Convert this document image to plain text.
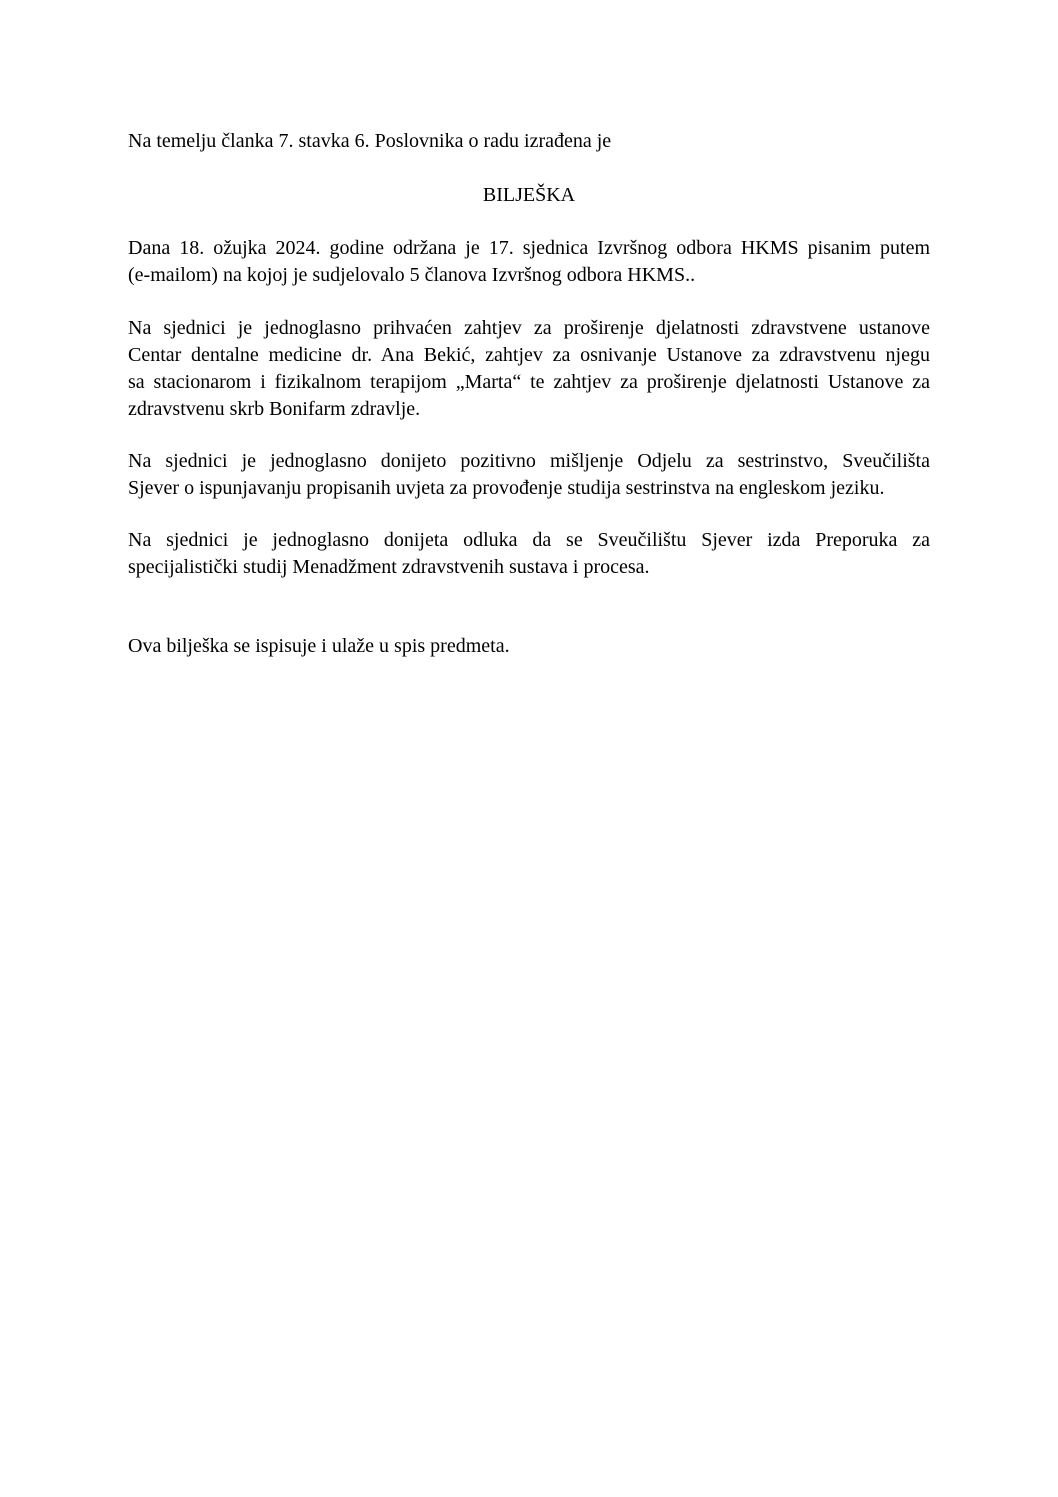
Na temelju članka 7. stavka 6. Poslovnika o radu izrađena je
BILJEŠKA
Dana 18. ožujka 2024. godine održana je 17. sjednica Izvršnog odbora HKMS pisanim putem
(e-mailom) na kojoj je sudjelovalo 5 članova Izvršnog odbora HKMS..
Na sjednici je jednoglasno prihvaćen zahtjev za proširenje djelatnosti zdravstvene ustanove
Centar dentalne medicine dr. Ana Bekić, zahtjev za osnivanje Ustanove za zdravstvenu njegu
sa stacionarom i fizikalnom terapijom „Marta“ te zahtjev za proširenje djelatnosti Ustanove za
zdravstvenu skrb Bonifarm zdravlje.
Na sjednici je jednoglasno donijeto pozitivno mišljenje Odjelu za sestrinstvo, Sveučilišta
Sjever o ispunjavanju propisanih uvjeta za provođenje studija sestrinstva na engleskom jeziku.
Na sjednici je jednoglasno donijeta odluka da se Sveučilištu Sjever izda Preporuka za
specijalistički studij Menadžment zdravstvenih sustava i procesa.
Ova bilješka se ispisuje i ulaže u spis predmeta.
